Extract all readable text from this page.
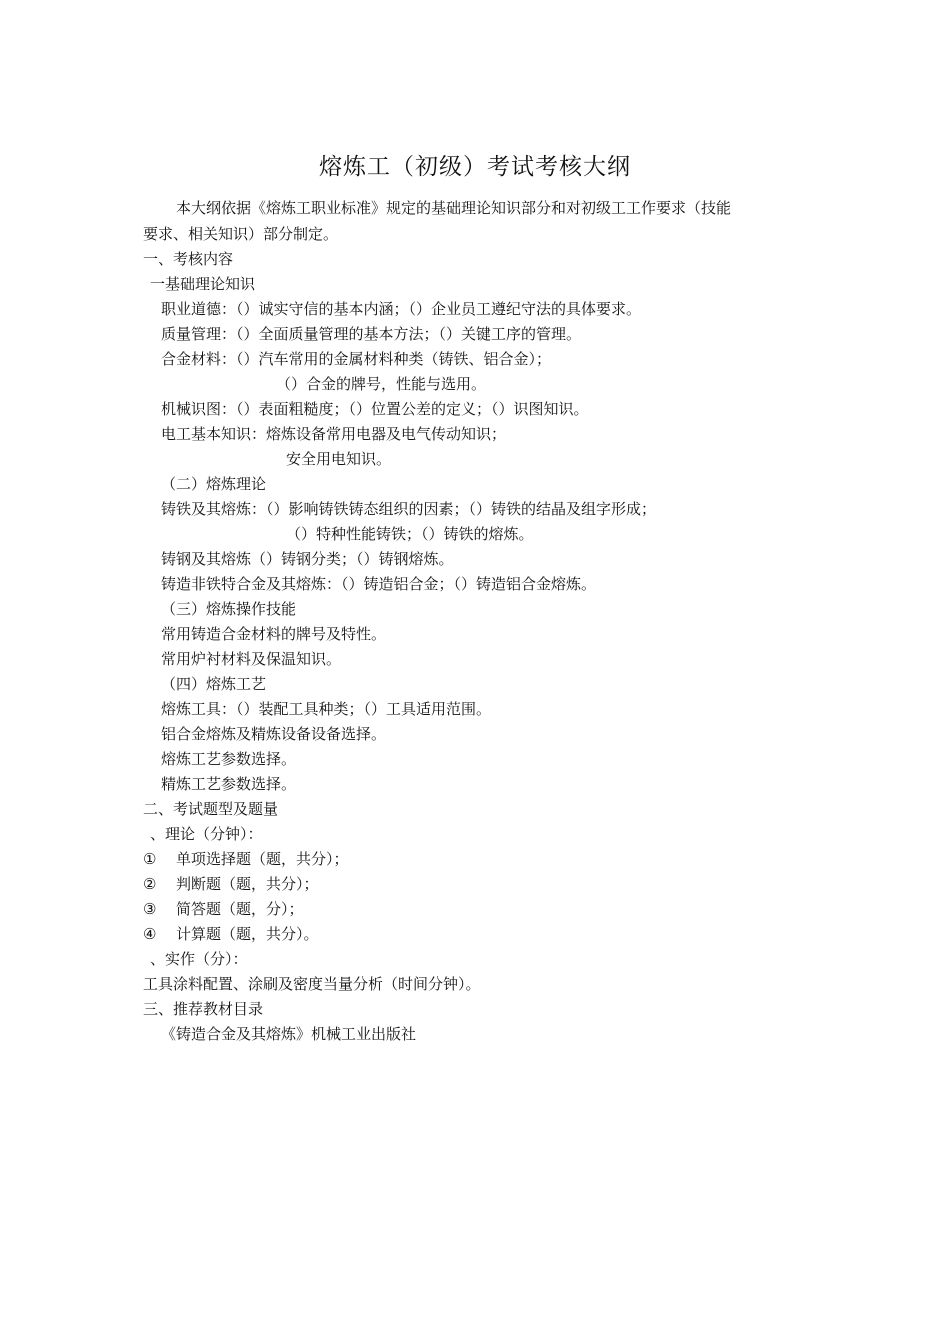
熔炼工（初级）考试考核大纲
本大纲依据《熔炼工职业标准》规定的基础理论知识部分和对初级工工作要求（技能
要求、相关知识）部分制定。
一、考核内容
一基础理论知识
职业道德：（）诚实守信的基本内涵；（）企业员工遵纪守法的具体要求。
质量管理：（）全面质量管理的基本方法；（）关键工序的管理。
合金材料：（）汽车常用的金属材料种类（铸铁、铝合金）；
（）合金的牌号，性能与选用。
机械识图：（）表面粗糙度；（）位置公差的定义；（）识图知识。
电工基本知识：熔炼设备常用电器及电气传动知识；
安全用电知识。
（二）熔炼理论
铸铁及其熔炼：（）影响铸铁铸态组织的因素；（）铸铁的结晶及组字形成；
（）特种性能铸铁；（）铸铁的熔炼。
铸钢及其熔炼（）铸钢分类；（）铸钢熔炼。
铸造非铁特合金及其熔炼：（）铸造铝合金；（）铸造铝合金熔炼。
（三）熔炼操作技能
常用铸造合金材料的牌号及特性。
常用炉衬材料及保温知识。
（四）熔炼工艺
熔炼工具：（）装配工具种类；（）工具适用范围。
铝合金熔炼及精炼设备设备选择。
熔炼工艺参数选择。
精炼工艺参数选择。
二、考试题型及题量
、理论（分钟）：
① 单项选择题（题，共分）；
② 判断题（题，共分）；
③ 简答题（题，分）；
④ 计算题（题，共分）。
、实作（分）：
工具涂料配置、涂刷及密度当量分析（时间分钟）。
三、推荐教材目录
《铸造合金及其熔炼》机械工业出版社
